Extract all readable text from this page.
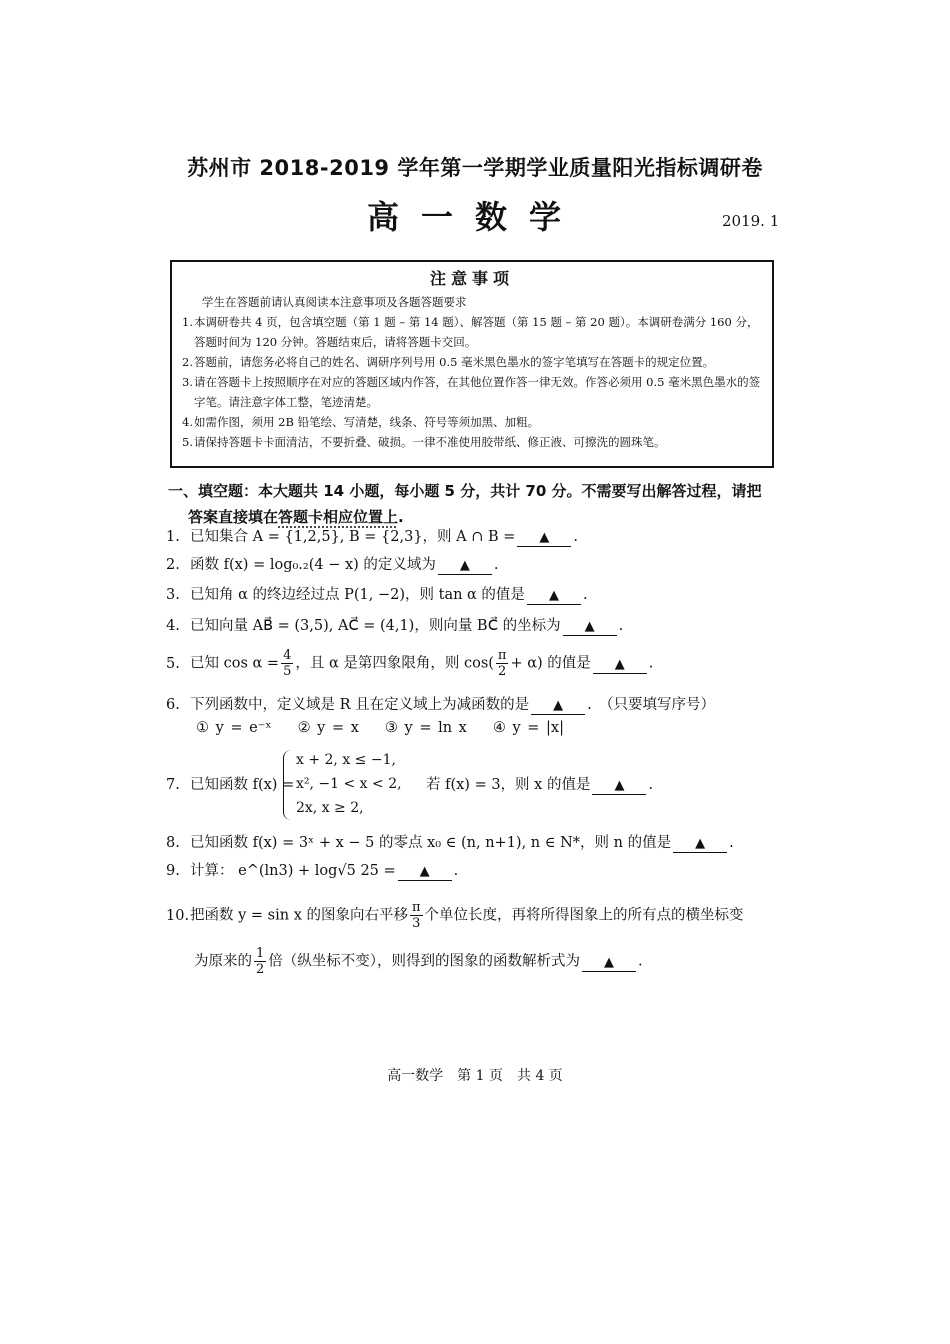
苏州市 2018-2019 学年第一学期学业质量阳光指标调研卷
高一数学	2019. 1
注意事项
学生在答题前请认真阅读本注意事项及各题答题要求
1. 本调研卷共 4 页，包含填空题（第 1 题 – 第 14 题）、解答题（第 15 题 – 第 20 题）。本调研卷满分 160 分，答题时间为 120 分钟。答题结束后，请将答题卡交回。
2. 答题前，请您务必将自己的姓名、调研序列号用 0.5 毫米黑色墨水的签字笔填写在答题卡的规定位置。
3. 请在答题卡上按照顺序在对应的答题区域内作答，在其他位置作答一律无效。作答必须用 0.5 毫米黑色墨水的签字笔。请注意字体工整，笔迹清楚。
4. 如需作图，须用 2B 铅笔绘、写清楚，线条、符号等须加黑、加粗。
5. 请保持答题卡卡面清洁，不要折叠、破损。一律不准使用胶带纸、修正液、可擦洗的圆珠笔。
一、填空题：本大题共 14 小题，每小题 5 分，共计 70 分。不需要写出解答过程，请把
答案直接填在答题卡相应位置上.
1. 已知集合 A = {1,2,5}, B = {2,3}，则 A ∩ B = ▲ .
2. 函数 f(x) = log₀.₂(4 − x) 的定义域为 ▲ .
3. 已知角 α 的终边经过点 P(1, −2)，则 tan α 的值是 ▲ .
4. 已知向量 AB⃗ = (3,5), AC⃗ = (4,1)，则向量 BC⃗ 的坐标为 ▲ .
5. 已知 $\cos \alpha = \frac{4}{5}$ ，且 α 是第四象限角，则 $\cos( \frac{\pi}{2} + \alpha)$ 的值是 ▲ .
6. 下列函数中，定义域是 R 且在定义域上为减函数的是 ▲ .　（只要填写序号）
① y = e⁻ˣ ② y = x ③ y = ln x ④ y = |x|
7. 已知函数 f(x) =
x + 2, x ≤ −1,
x², −1 < x < 2,
2x, x ≥ 2,
若 f(x) = 3，则 x 的值是 ▲ .
8. 已知函数 f(x) = 3ˣ + x − 5 的零点 x₀ ∈ (n, n+1), n ∈ N*，则 n 的值是 ▲ .
9. 计算： e^(ln3) + log√5 25 = ▲ .
10.把函数 y = sin x 的图象向右平移 $\frac{\pi}{3}$ 个单位长度，再将所得图象上的所有点的横坐标变
为原来的 $\frac{1}{2}$ 倍（纵坐标不变），则得到的图象的函数解析式为 ▲ .
高一数学　第 1 页　共 4 页
